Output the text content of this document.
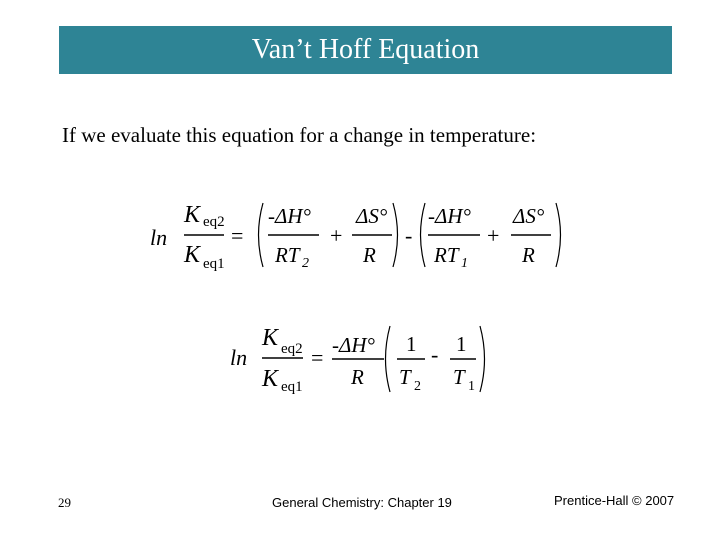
Van’t Hoff Equation
If we evaluate this equation for a change in temperature:
ln
K eq2
K eq1
=
-ΔH°
RT 2
+
ΔS°
R
-
-ΔH°
RT 1
+
ΔS°
R
ln
K eq2
K eq1
= -ΔH°
R
1
T 2
- 1
T 1
29	General Chemistry: Chapter 19	Prentice-Hall © 2007
